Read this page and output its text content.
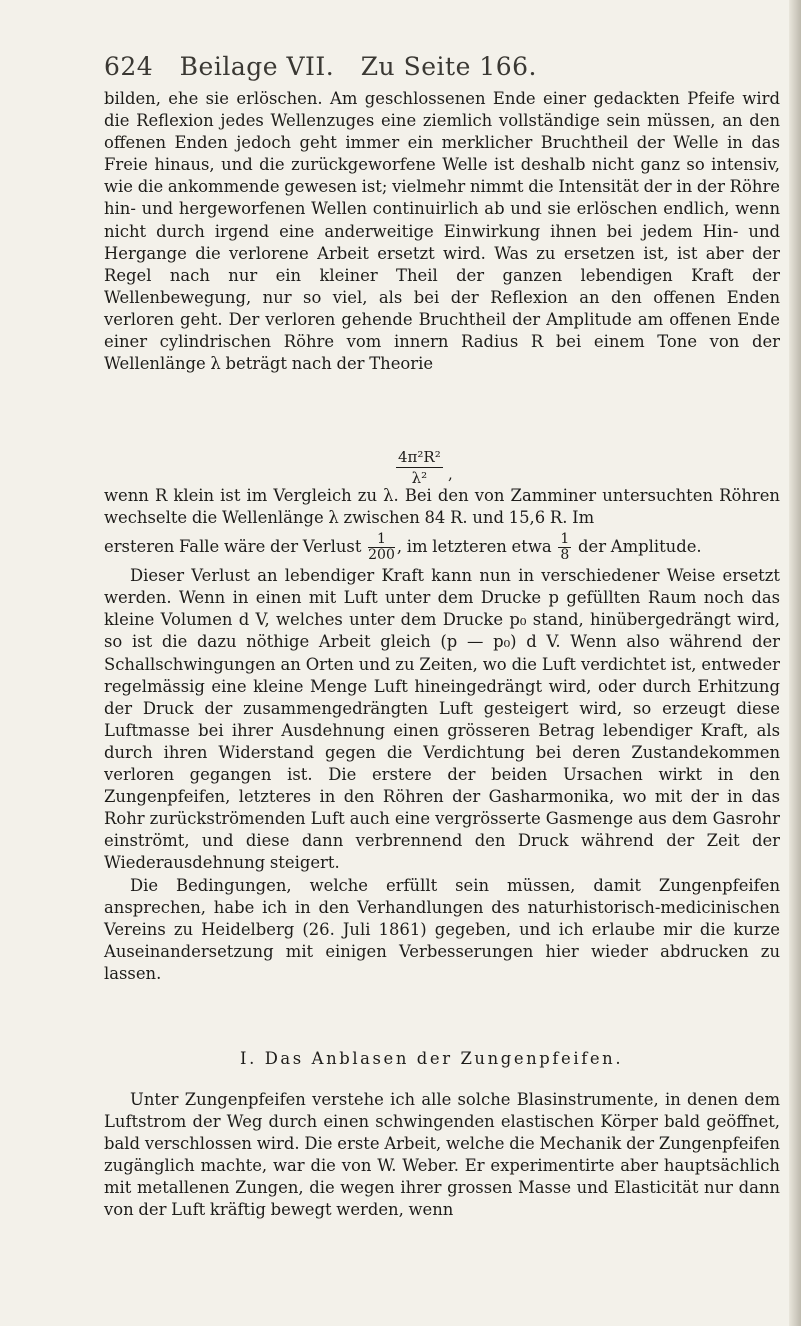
624 Beilage VII. Zu Seite 166.

bilden, ehe sie erlöschen. Am geschlossenen Ende einer gedackten Pfeife wird die Reflexion jedes Wellenzuges eine ziemlich vollständige sein müssen, an den offenen Enden jedoch geht immer ein merklicher Bruchtheil der Welle in das Freie hinaus, und die zurückgeworfene Welle ist deshalb nicht ganz so intensiv, wie die ankommende gewesen ist; vielmehr nimmt die Intensität der in der Röhre hin- und hergeworfenen Wellen continuirlich ab und sie erlöschen endlich, wenn nicht durch irgend eine anderweitige Einwirkung ihnen bei jedem Hin- und Hergange die verlorene Arbeit ersetzt wird. Was zu ersetzen ist, ist aber der Regel nach nur ein kleiner Theil der ganzen lebendigen Kraft der Wellenbewegung, nur so viel, als bei der Reflexion an den offenen Enden verloren geht. Der verloren gehende Bruchtheil der Amplitude am offenen Ende einer cylindrischen Röhre vom innern Radius R bei einem Tone von der Wellenlänge λ beträgt nach der Theorie

4π²R²
λ² ,

wenn R klein ist im Vergleich zu λ. Bei den von Zamminer untersuchten Röhren wechselte die Wellenlänge λ zwischen 84 R. und 15,6 R. Im

ersteren Falle wäre der Verlust $\frac{1}{200}$ , im letzteren etwa $\frac{1}{8}$ der Amplitude.

Dieser Verlust an lebendiger Kraft kann nun in verschiedener Weise ersetzt werden. Wenn in einen mit Luft unter dem Drucke p gefüllten Raum noch das kleine Volumen d V, welches unter dem Drucke p₀ stand, hinübergedrängt wird, so ist die dazu nöthige Arbeit gleich (p — p₀) d V. Wenn also während der Schallschwingungen an Orten und zu Zeiten, wo die Luft verdichtet ist, entweder regelmässig eine kleine Menge Luft hineingedrängt wird, oder durch Erhitzung der Druck der zusammengedrängten Luft gesteigert wird, so erzeugt diese Luftmasse bei ihrer Ausdehnung einen grösseren Betrag lebendiger Kraft, als durch ihren Widerstand gegen die Verdichtung bei deren Zustandekommen verloren gegangen ist. Die erstere der beiden Ursachen wirkt in den Zungenpfeifen, letzteres in den Röhren der Gasharmonika, wo mit der in das Rohr zurückströmenden Luft auch eine vergrösserte Gasmenge aus dem Gasrohr einströmt, und diese dann verbrennend den Druck während der Zeit der Wiederausdehnung steigert.

Die Bedingungen, welche erfüllt sein müssen, damit Zungenpfeifen ansprechen, habe ich in den Verhandlungen des naturhistorisch-medicinischen Vereins zu Heidelberg (26. Juli 1861) gegeben, und ich erlaube mir die kurze Auseinandersetzung mit einigen Verbesserungen hier wieder abdrucken zu lassen.

I. Das Anblasen der Zungenpfeifen.

Unter Zungenpfeifen verstehe ich alle solche Blasinstrumente, in denen dem Luftstrom der Weg durch einen schwingenden elastischen Körper bald geöffnet, bald verschlossen wird. Die erste Arbeit, welche die Mechanik der Zungenpfeifen zugänglich machte, war die von W. Weber. Er experimentirte aber hauptsächlich mit metallenen Zungen, die wegen ihrer grossen Masse und Elasticität nur dann von der Luft kräftig bewegt werden, wenn
